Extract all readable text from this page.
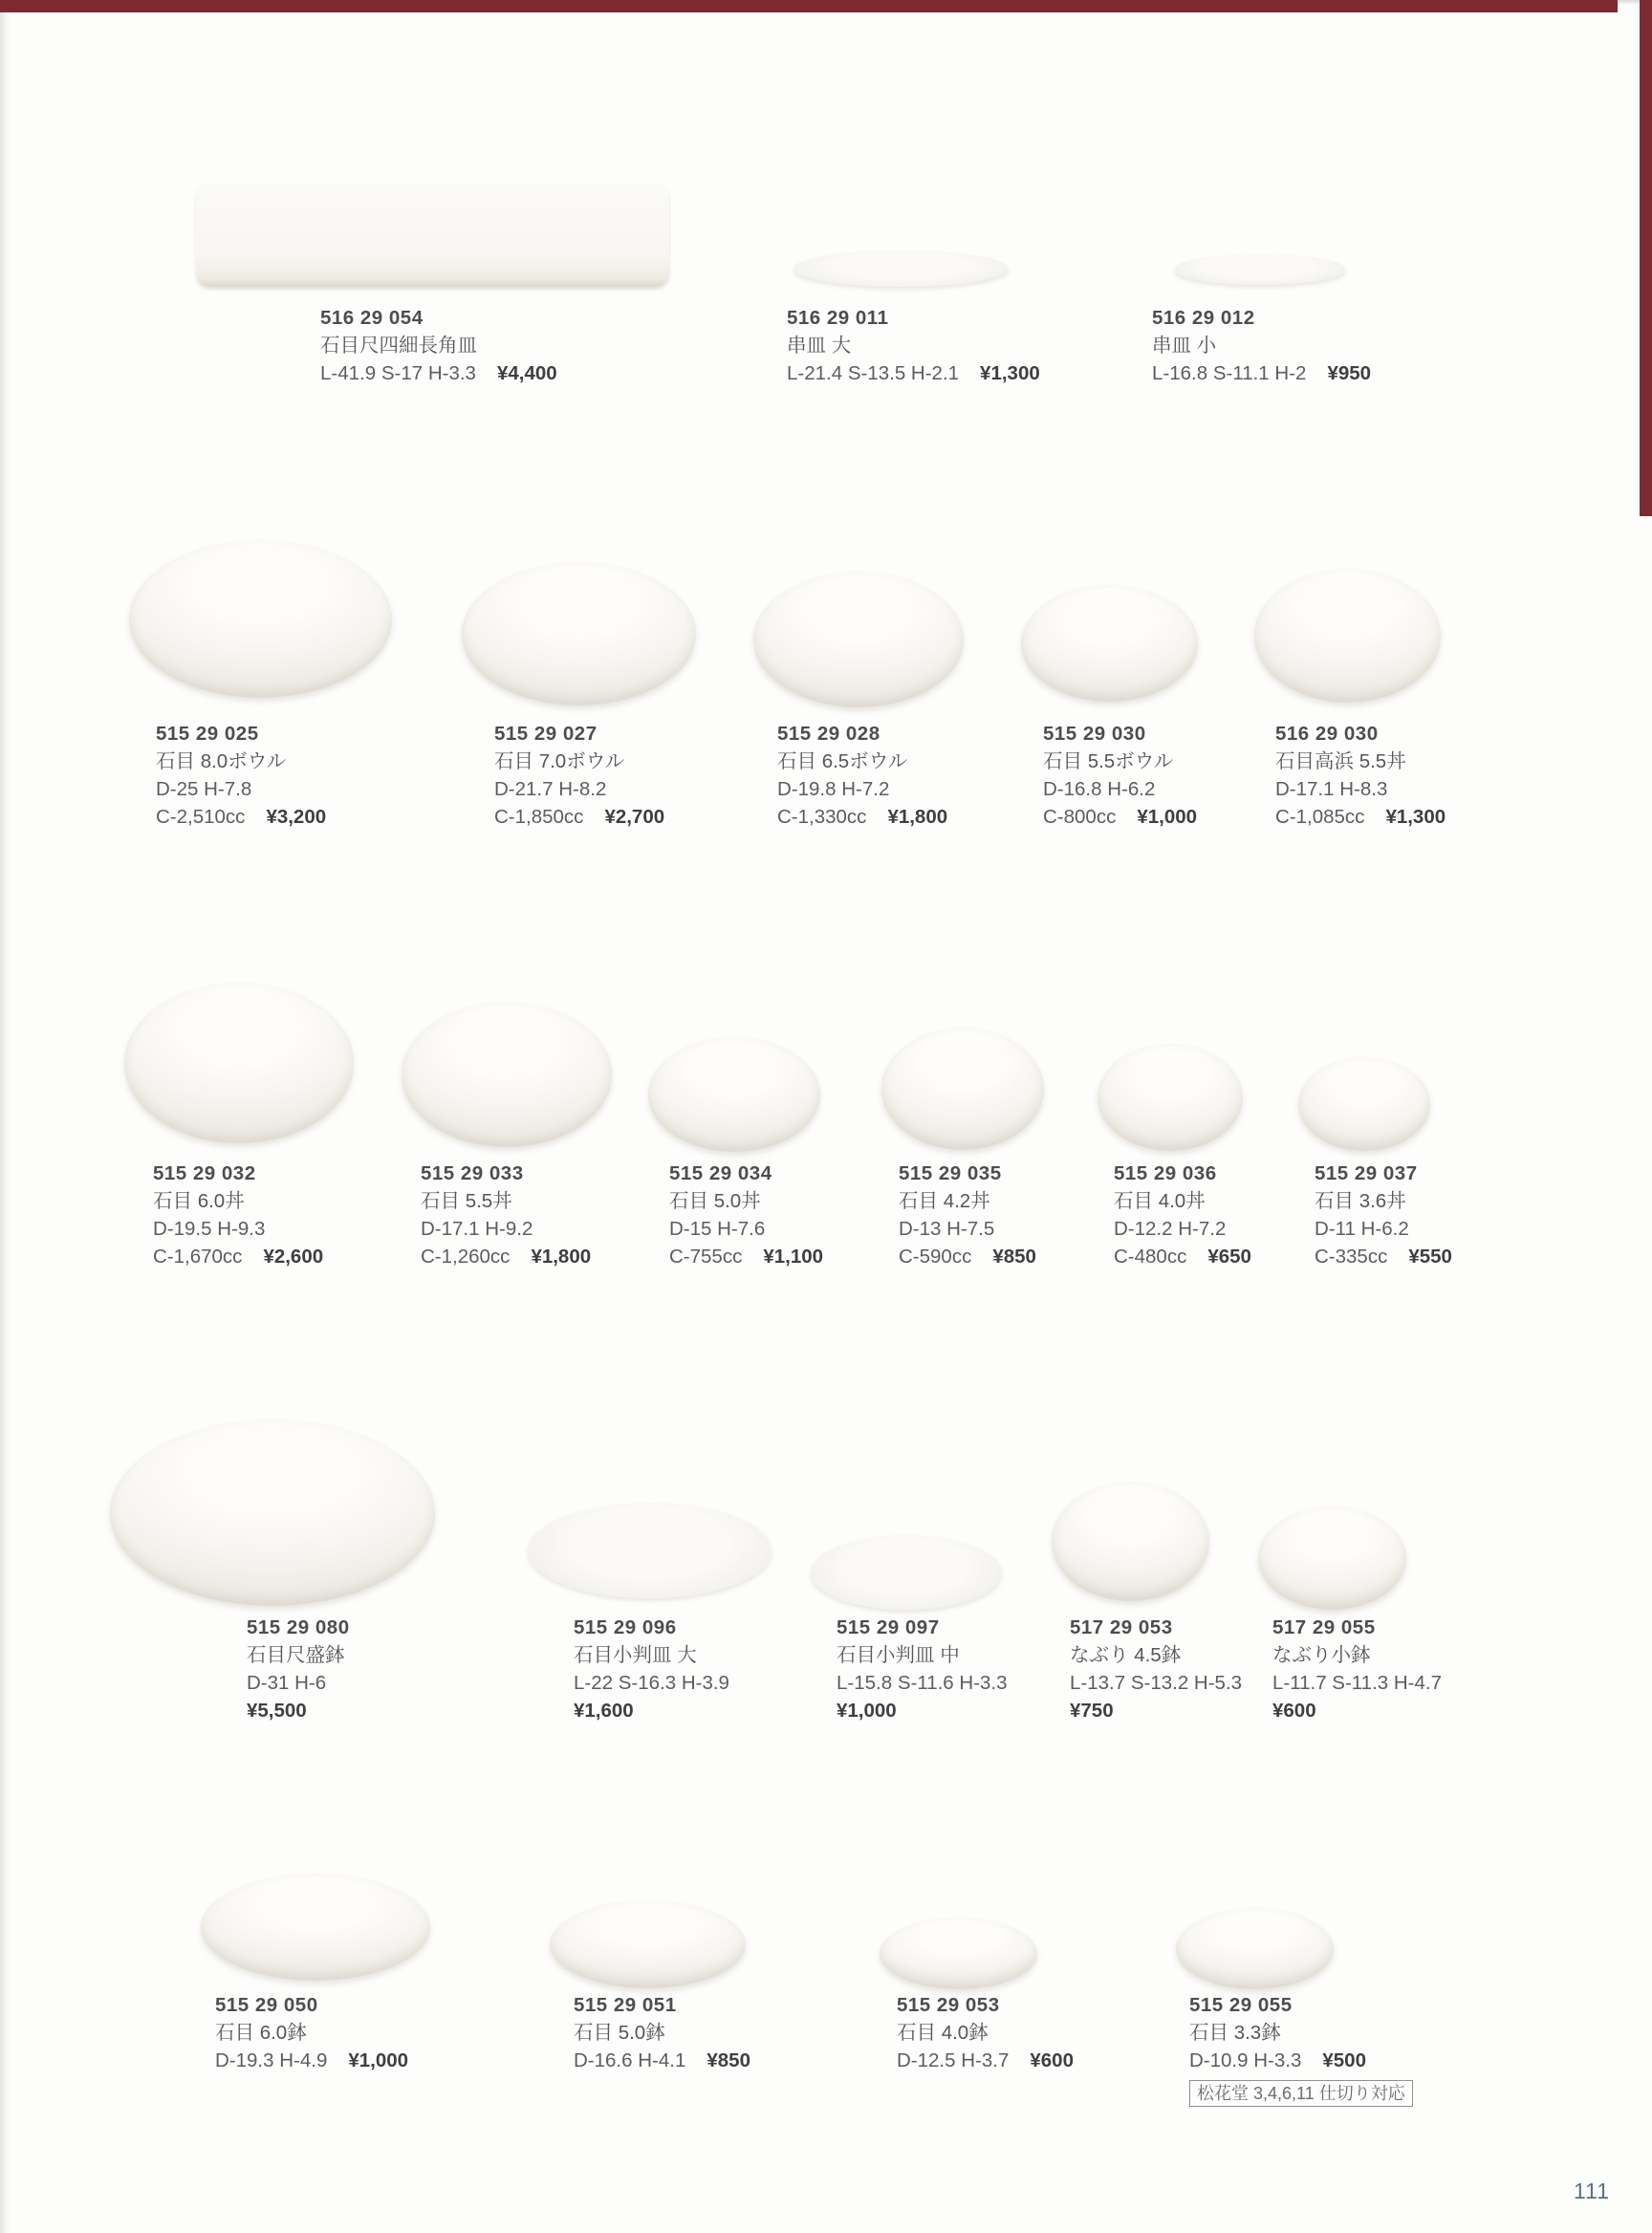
516 29 054
石目尺四細長角皿
L-41.9 S-17 H-3.3 ¥4,400
516 29 011
串皿 大
L-21.4 S-13.5 H-2.1 ¥1,300
516 29 012
串皿 小
L-16.8 S-11.1 H-2 ¥950
515 29 025
石目 8.0ボウル
D-25 H-7.8
C-2,510cc ¥3,200
515 29 027
石目 7.0ボウル
D-21.7 H-8.2
C-1,850cc ¥2,700
515 29 028
石目 6.5ボウル
D-19.8 H-7.2
C-1,330cc ¥1,800
515 29 030
石目 5.5ボウル
D-16.8 H-6.2
C-800cc ¥1,000
516 29 030
石目高浜 5.5丼
D-17.1 H-8.3
C-1,085cc ¥1,300
515 29 032
石目 6.0丼
D-19.5 H-9.3
C-1,670cc ¥2,600
515 29 033
石目 5.5丼
D-17.1 H-9.2
C-1,260cc ¥1,800
515 29 034
石目 5.0丼
D-15 H-7.6
C-755cc ¥1,100
515 29 035
石目 4.2丼
D-13 H-7.5
C-590cc ¥850
515 29 036
石目 4.0丼
D-12.2 H-7.2
C-480cc ¥650
515 29 037
石目 3.6丼
D-11 H-6.2
C-335cc ¥550
515 29 080
石目尺盛鉢
D-31 H-6
¥5,500
515 29 096
石目小判皿 大
L-22 S-16.3 H-3.9
¥1,600
515 29 097
石目小判皿 中
L-15.8 S-11.6 H-3.3
¥1,000
517 29 053
なぶり 4.5鉢
L-13.7 S-13.2 H-5.3
¥750
517 29 055
なぶり小鉢
L-11.7 S-11.3 H-4.7
¥600
515 29 050
石目 6.0鉢
D-19.3 H-4.9 ¥1,000
515 29 051
石目 5.0鉢
D-16.6 H-4.1 ¥850
515 29 053
石目 4.0鉢
D-12.5 H-3.7 ¥600
515 29 055
石目 3.3鉢
D-10.9 H-3.3 ¥500
松花堂 3,4,6,11 仕切り対応
111
